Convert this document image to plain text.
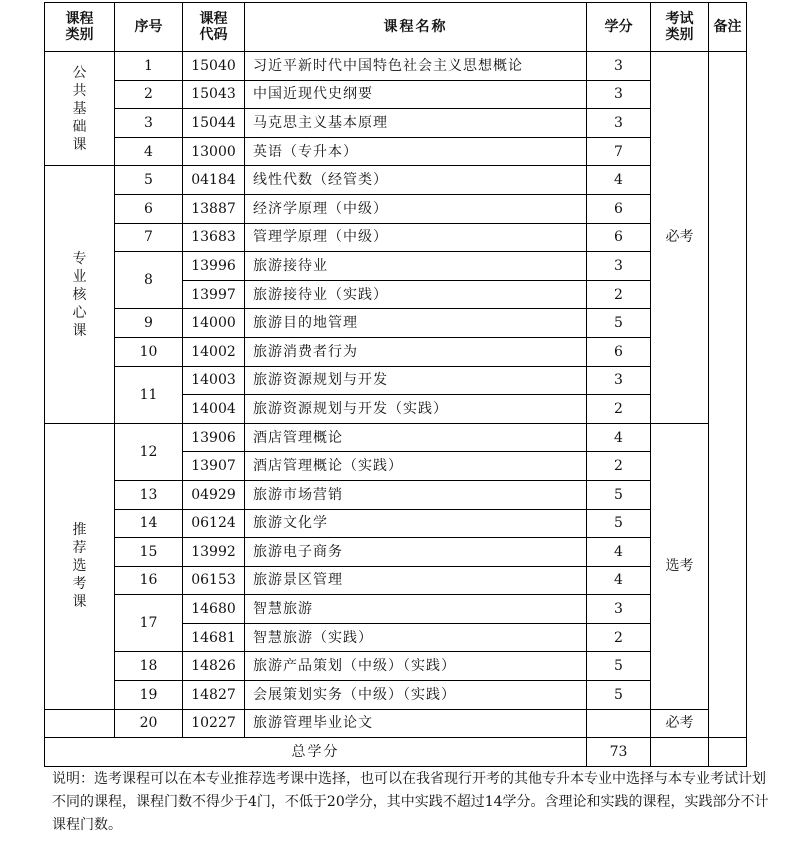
课程类别	序号	课程代码	课程名称	学分	考试类别	备注

公共基础课	1	15040	习近平新时代中国特色社会主义思想概论	3	必考	
	2	15043	中国近现代史纲要	3		
	3	15044	马克思主义基本原理	3		
	4	13000	英语（专升本）	7		

专业核心课	5	04184	线性代数（经管类）	4		
	6	13887	经济学原理（中级）	6		
	7	13683	管理学原理（中级）	6		
	8	13996	旅游接待业	3		
		13997	旅游接待业（实践）	2		
	9	14000	旅游目的地管理	5		
	10	14002	旅游消费者行为	6		
	11	14003	旅游资源规划与开发	3		
		14004	旅游资源规划与开发（实践）	2		

推荐选考课	12	13906	酒店管理概论	4	选考	
		13907	酒店管理概论（实践）	2		
	13	04929	旅游市场营销	5		
	14	06124	旅游文化学	5		
	15	13992	旅游电子商务	4		
	16	06153	旅游景区管理	4		
	17	14680	智慧旅游	3		
		14681	智慧旅游（实践）	2		
	18	14826	旅游产品策划（中级）（实践）	5		
	19	14827	会展策划实务（中级）（实践）	5		
	20	10227	旅游管理毕业论文		必考	
总学分				73		

说明：选考课程可以在本专业推荐选考课中选择，也可以在我省现行开考的其他专升本专业中选择与本专业考试计划不同的课程，课程门数不得少于4门，不低于20学分，其中实践不超过14学分。含理论和实践的课程，实践部分不计课程门数。
